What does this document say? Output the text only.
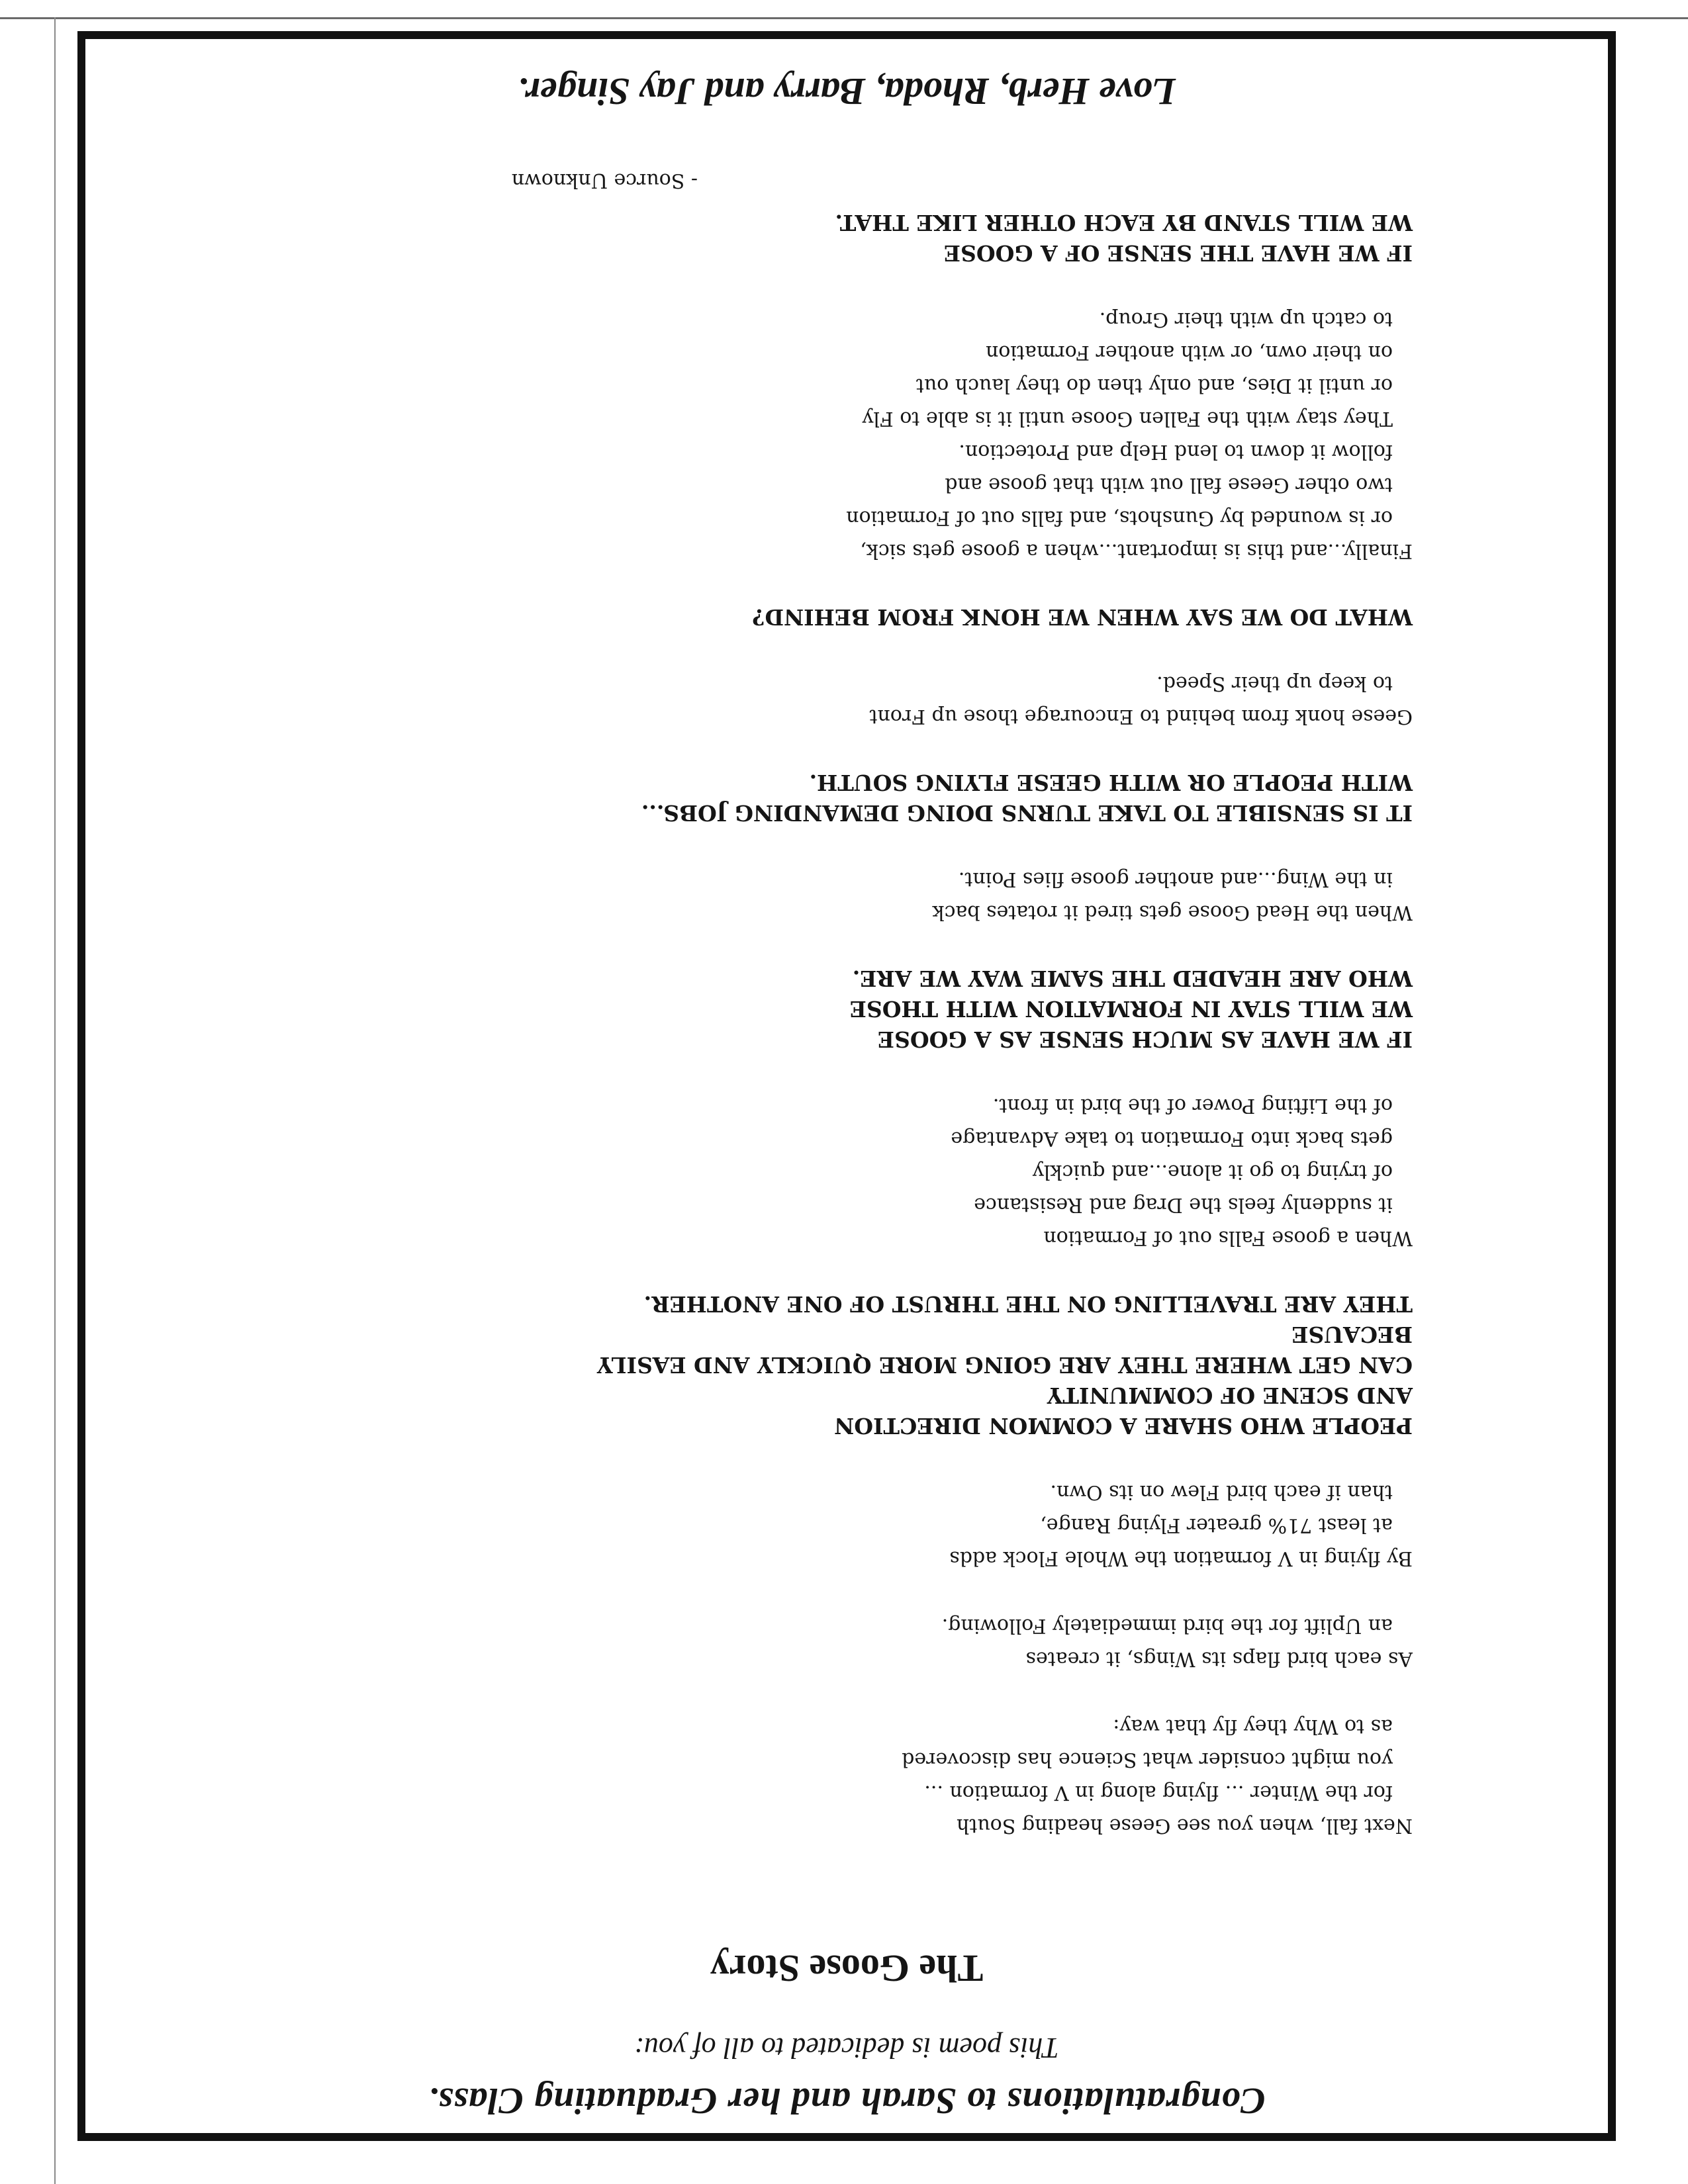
Congratulations to Sarah and her Graduating Class.
This poem is dedicated to all of you:
The Goose Story
Next fall, when you see Geese heading South
for the Winter ... flying along in V formation ...
you might consider what Science has discovered
as to Why they fly that way:
As each bird flaps its Wings, it creates
an Uplift for the bird immediately Following.
By flying in V formation the Whole Flock adds
at least 71% greater Flying Range,
than if each bird Flew on its Own.
PEOPLE WHO SHARE A COMMON DIRECTION
AND SCENE OF COMMUNITY
CAN GET WHERE THEY ARE GOING MORE QUICKLY AND EASILY
BECAUSE
THEY ARE TRAVELLING ON THE THRUST OF ONE ANOTHER.
When a goose Falls out of Formation
it suddenly feels the Drag and Resistance
of trying to go it alone...and quickly
gets back into Formation to take Advantage
of the Lifting Power of the bird in front.
IF WE HAVE AS MUCH SENSE AS A GOOSE
WE WILL STAY IN FORMATION WITH THOSE
WHO ARE HEADED THE SAME WAY WE ARE.
When the Head Goose gets tired it rotates back
in the Wing...and another goose flies Point.
IT IS SENSIBLE TO TAKE TURNS DOING DEMANDING JOBS...
WITH PEOPLE OR WITH GEESE FLYING SOUTH.
Geese honk from behind to Encourage those up Front
to keep up their Speed.
WHAT DO WE SAY WHEN WE HONK FROM BEHIND?
Finally...and this is important...when a goose gets sick,
or is wounded by Gunshots, and falls out of Formation
two other Geese fall out with that goose and
follow it down to lend Help and Protection.
They stay with the Fallen Goose until it is able to Fly
or until it Dies, and only then do they lauch out
on their own, or with another Formation
to catch up with their Group.
IF WE HAVE THE SENSE OF A GOOSE
WE WILL STAND BY EACH OTHER LIKE THAT.
- Source Unknown
Love Herb, Rhoda, Barry and Jay Singer.
